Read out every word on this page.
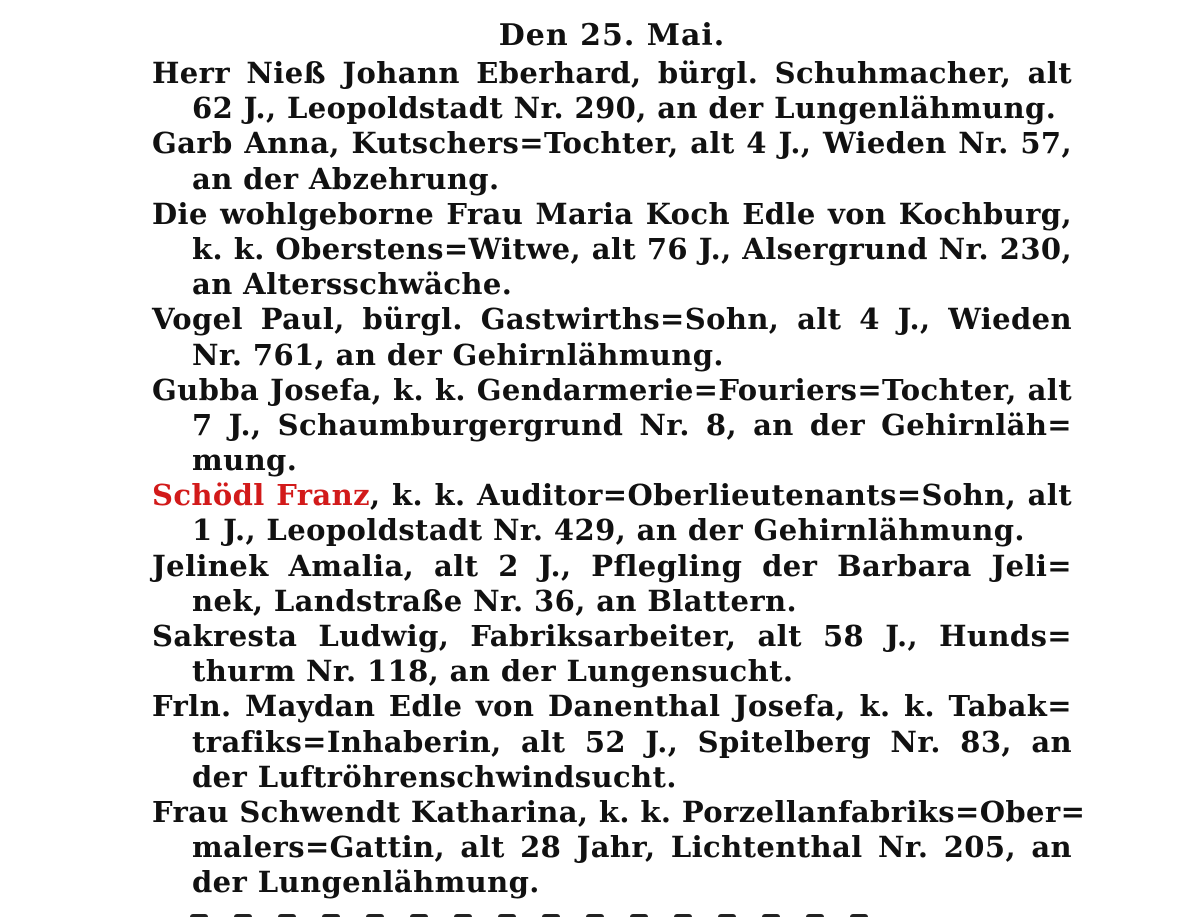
Den 25. Mai.
Herr Nieß Johann Eberhard, bürgl. Schuhmacher, alt
62 J., Leopoldstadt Nr. 290, an der Lungenlähmung.
Garb Anna, Kutschers=Tochter, alt 4 J., Wieden Nr. 57,
an der Abzehrung.
Die wohlgeborne Frau Maria Koch Edle von Kochburg,
k. k. Oberstens=Witwe, alt 76 J., Alsergrund Nr. 230,
an Altersschwäche.
Vogel Paul, bürgl. Gastwirths=Sohn, alt 4 J., Wieden
Nr. 761, an der Gehirnlähmung.
Gubba Josefa, k. k. Gendarmerie=Fouriers=Tochter, alt
7 J., Schaumburgergrund Nr. 8, an der Gehirnläh=
mung.
Schödl Franz, k. k. Auditor=Oberlieutenants=Sohn, alt
1 J., Leopoldstadt Nr. 429, an der Gehirnlähmung.
Jelinek Amalia, alt 2 J., Pflegling der Barbara Jeli=
nek, Landstraße Nr. 36, an Blattern.
Sakresta Ludwig, Fabriksarbeiter, alt 58 J., Hunds=
thurm Nr. 118, an der Lungensucht.
Frln. Maydan Edle von Danenthal Josefa, k. k. Tabak=
trafiks=Inhaberin, alt 52 J., Spitelberg Nr. 83, an
der Luftröhrenschwindsucht.
Frau Schwendt Katharina, k. k. Porzellanfabriks=Ober=
malers=Gattin, alt 28 Jahr, Lichtenthal Nr. 205, an
der Lungenlähmung.
